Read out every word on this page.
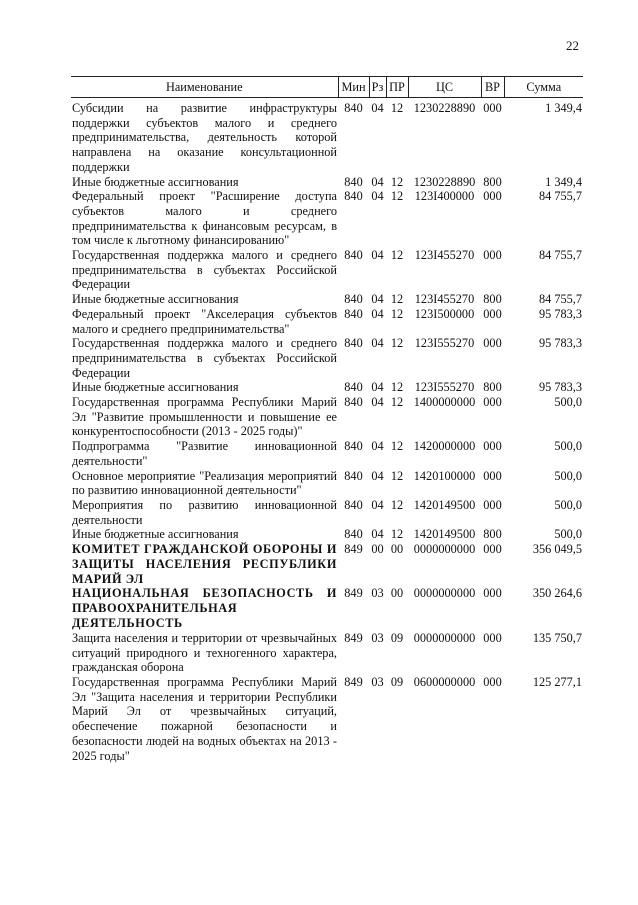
22
Наименование	Мин	Рз	ПР	ЦС	ВР	Сумма
Субсидии на развитие инфраструктуры поддержки субъектов малого и среднего предпринимательства, деятельность которой направлена на оказание консультационной поддержки	840	04	12	1230228890	000	1 349,4
Иные бюджетные ассигнования	840	04	12	1230228890	800	1 349,4
Федеральный проект "Расширение доступа субъектов малого и среднего предпринимательства к финансовым ресурсам, в том числе к льготному финансированию"	840	04	12	123I400000	000	84 755,7
Государственная поддержка малого и среднего предпринимательства в субъектах Российской Федерации	840	04	12	123I455270	000	84 755,7
Иные бюджетные ассигнования	840	04	12	123I455270	800	84 755,7
Федеральный проект "Акселерация субъектов малого и среднего предпринимательства"	840	04	12	123I500000	000	95 783,3
Государственная поддержка малого и среднего предпринимательства в субъектах Российской Федерации	840	04	12	123I555270	000	95 783,3
Иные бюджетные ассигнования	840	04	12	123I555270	800	95 783,3
Государственная программа Республики Марий Эл "Развитие промышленности и повышение ее конкурентоспособности (2013 - 2025 годы)"	840	04	12	1400000000	000	500,0
Подпрограмма "Развитие инновационной деятельности"	840	04	12	1420000000	000	500,0
Основное мероприятие "Реализация мероприятий по развитию инновационной деятельности"	840	04	12	1420100000	000	500,0
Мероприятия по развитию инновационной деятельности	840	04	12	1420149500	000	500,0
Иные бюджетные ассигнования	840	04	12	1420149500	800	500,0
КОМИТЕТ ГРАЖДАНСКОЙ ОБОРОНЫ И ЗАЩИТЫ НАСЕЛЕНИЯ РЕСПУБЛИКИ МАРИЙ ЭЛ	849	00	00	0000000000	000	356 049,5
НАЦИОНАЛЬНАЯ БЕЗОПАСНОСТЬ И ПРАВООХРАНИТЕЛЬНАЯ ДЕЯТЕЛЬНОСТЬ	849	03	00	0000000000	000	350 264,6
Защита населения и территории от чрезвычайных ситуаций природного и техногенного характера, гражданская оборона	849	03	09	0000000000	000	135 750,7
Государственная программа Республики Марий Эл "Защита населения и территории Республики Марий Эл от чрезвычайных ситуаций, обеспечение пожарной безопасности и безопасности людей на водных объектах на 2013 - 2025 годы"	849	03	09	0600000000	000	125 277,1
